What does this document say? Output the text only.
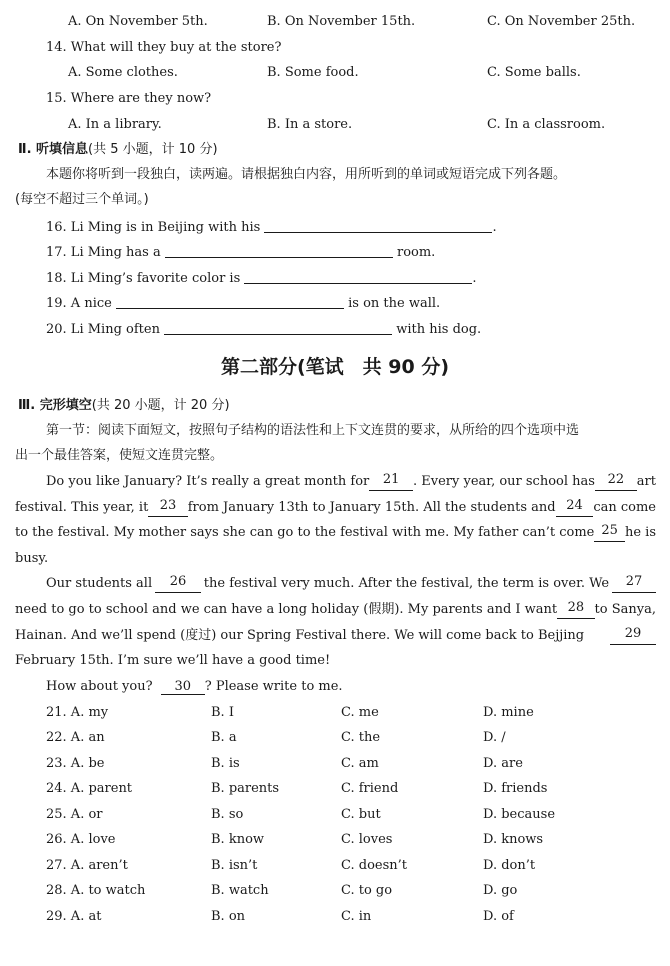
A. On November 5th.	B. On November 15th.	C. On November 25th.
14. What will they buy at the store?
A. Some clothes.	B. Some food.	C. Some balls.
15. Where are they now?
A. In a library.	B. In a store.	C. In a classroom.
Ⅱ. 听填信息(共 5 小题，计 10 分)
本题你将听到一段独白，读两遍。请根据独白内容，用所听到的单词或短语完成下列各题。
(每空不超过三个单词。)
16. Li Ming is in Beijing with his	.
17. Li Ming has a	room.
18. Li Ming’s favorite color is	.
19. A nice	is on the wall.
20. Li Ming often	with his dog.
第二部分(笔试　共 90 分)
Ⅲ. 完形填空(共 20 小题，计 20 分)
第一节：阅读下面短文，按照句子结构的语法性和上下文连贯的要求，从所给的四个选项中选
出一个最佳答案，使短文连贯完整。
Do you like January? It’s really a great month for	21	. Every year, our school has 22 art
festival. This year, it 23 from January 13th to January 15th. All the students and 24 can come
to the festival. My mother says she can go to the festival with me. My father can’t come 25 he is
busy.
Our students all	26	the festival very much. After the festival, the term is over. We	27
need to go to school and we can have a long holiday (假期). My parents and I want 28 to Sanya,
Hainan. And we’ll spend (度过) our Spring Festival there. We will come back to Bejjing	29
February 15th. I’m sure we’ll have a good time!
How about you? 30 ? Please write to me.
21. A. my	B. I	C. me	D. mine
22. A. an	B. a	C. the	D. /
23. A. be	B. is	C. am	D. are
24. A. parent	B. parents	C. friend	D. friends
25. A. or	B. so	C. but	D. because
26. A. love	B. know	C. loves	D. knows
27. A. aren’t	B. isn’t	C. doesn’t	D. don’t
28. A. to watch	B. watch	C. to go	D. go
29. A. at	B. on	C. in	D. of
